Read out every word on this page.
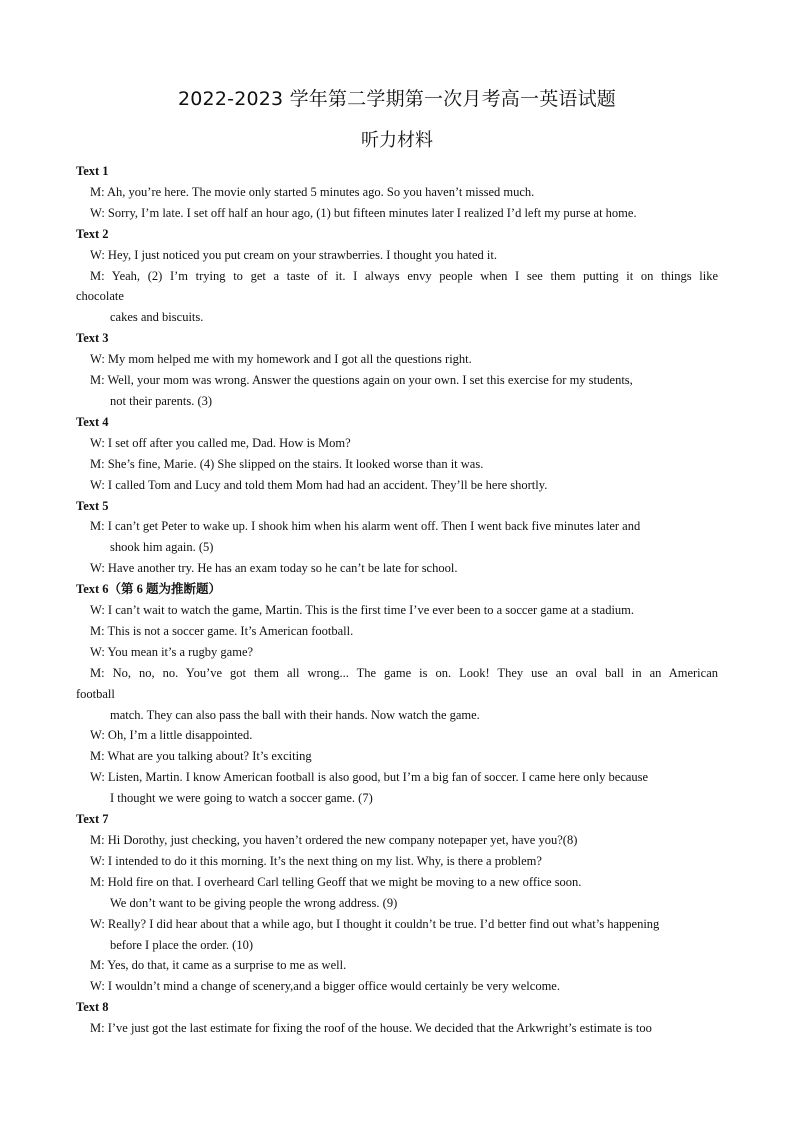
2022-2023 学年第二学期第一次月考高一英语试题
听力材料
Text 1
M: Ah, you’re here. The movie only started 5 minutes ago. So you haven’t missed much.
W: Sorry, I’m late. I set off half an hour ago, (1) but fifteen minutes later I realized I’d left my purse at home.
Text 2
W: Hey, I just noticed you put cream on your strawberries. I thought you hated it.
M: Yeah, (2) I’m trying to get a taste of it. I always envy people when I see them putting it on things like
chocolate
cakes and biscuits.
Text 3
W: My mom helped me with my homework and I got all the questions right.
M: Well, your mom was wrong. Answer the questions again on your own. I set this exercise for my students,
not their parents. (3)
Text 4
W: I set off after you called me, Dad. How is Mom?
M: She’s fine, Marie. (4) She slipped on the stairs. It looked worse than it was.
W: I called Tom and Lucy and told them Mom had had an accident. They’ll be here shortly.
Text 5
M: I can’t get Peter to wake up. I shook him when his alarm went off. Then I went back five minutes later and
shook him again. (5)
W: Have another try. He has an exam today so he can’t be late for school.
Text 6（第 6 题为推断题）
W: I can’t wait to watch the game, Martin. This is the first time I’ve ever been to a soccer game at a stadium.
M: This is not a soccer game. It’s American football.
W: You mean it’s a rugby game?
M: No, no, no. You’ve got them all wrong... The game is on. Look! They use an oval ball in an American
football
match. They can also pass the ball with their hands. Now watch the game.
W: Oh, I’m a little disappointed.
M: What are you talking about? It’s exciting
W: Listen, Martin. I know American football is also good, but I’m a big fan of soccer. I came here only because
I thought we were going to watch a soccer game. (7)
Text 7
M: Hi Dorothy, just checking, you haven’t ordered the new company notepaper yet, have you?(8)
W: I intended to do it this morning. It’s the next thing on my list. Why, is there a problem?
M: Hold fire on that. I overheard Carl telling Geoff that we might be moving to a new office soon.
We don’t want to be giving people the wrong address. (9)
W: Really? I did hear about that a while ago, but I thought it couldn’t be true. I’d better find out what’s happening
before I place the order. (10)
M: Yes, do that, it came as a surprise to me as well.
W: I wouldn’t mind a change of scenery,and a bigger office would certainly be very welcome.
Text 8
M: I’ve just got the last estimate for fixing the roof of the house. We decided that the Arkwright’s estimate is too
